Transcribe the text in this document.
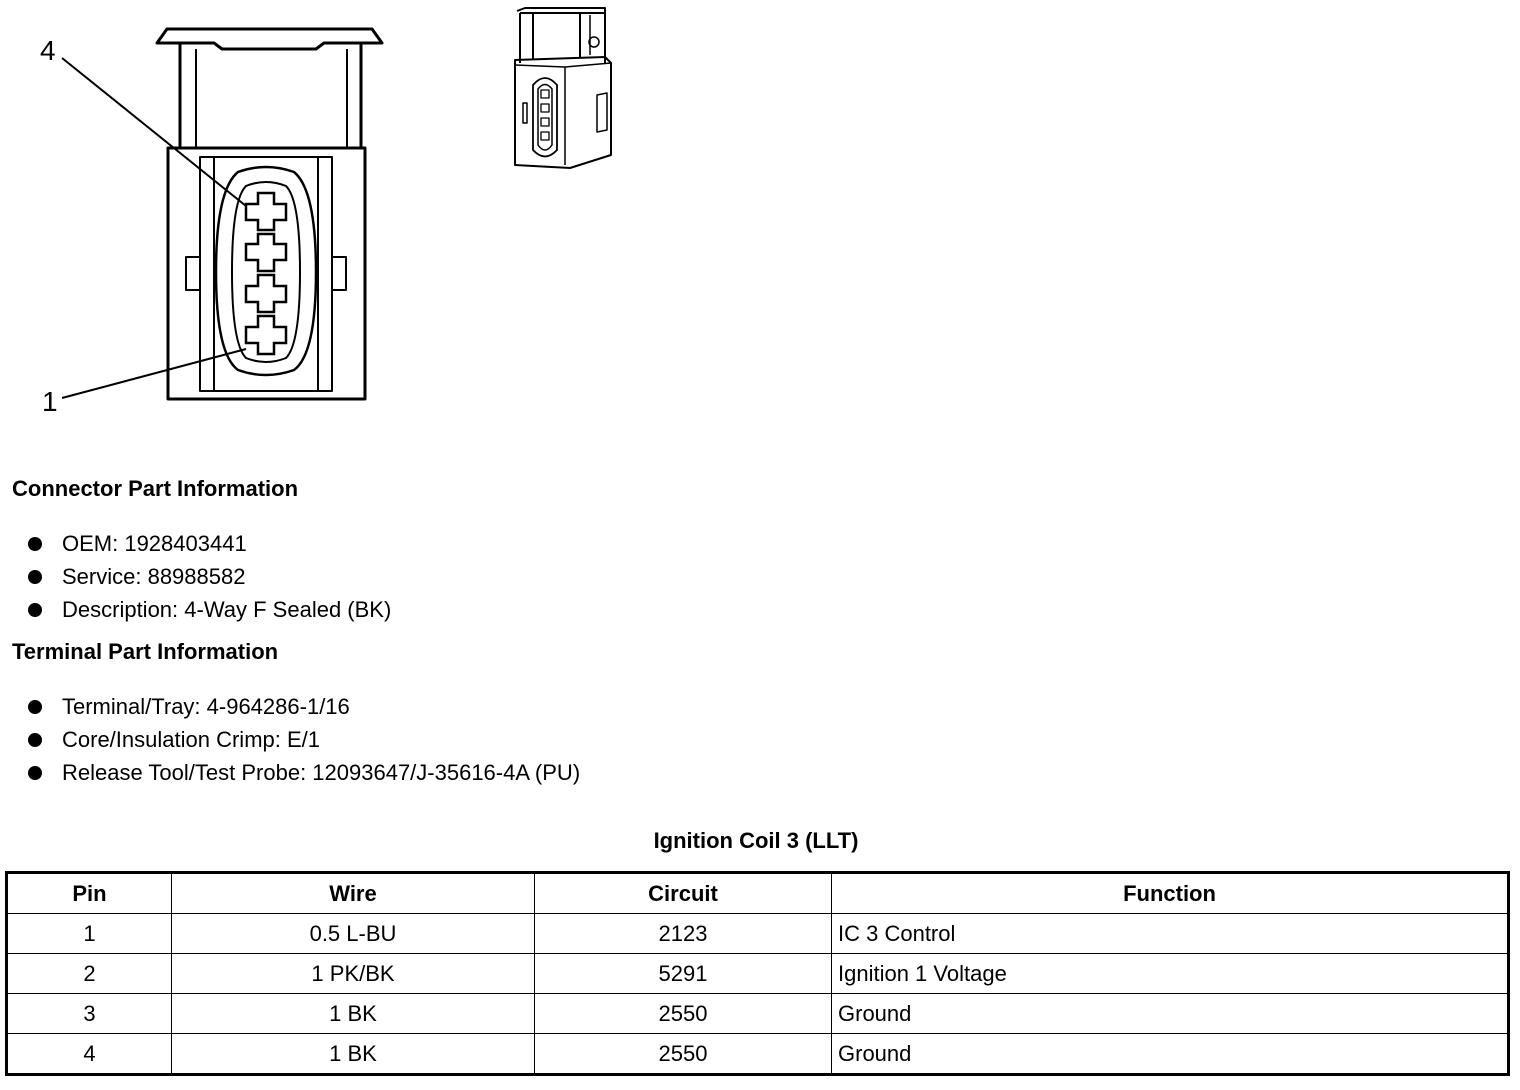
4
1
Connector Part Information
OEM: 1928403441
Service: 88988582
Description: 4-Way F Sealed (BK)
Terminal Part Information
Terminal/Tray: 4-964286-1/16
Core/Insulation Crimp: E/1
Release Tool/Test Probe: 12093647/J-35616-4A (PU)
Ignition Coil 3 (LLT)
Pin	Wire	Circuit	Function
1	0.5 L-BU	2123	IC 3 Control
2	1 PK/BK	5291	Ignition 1 Voltage
3	1 BK	2550	Ground
4	1 BK	2550	Ground
